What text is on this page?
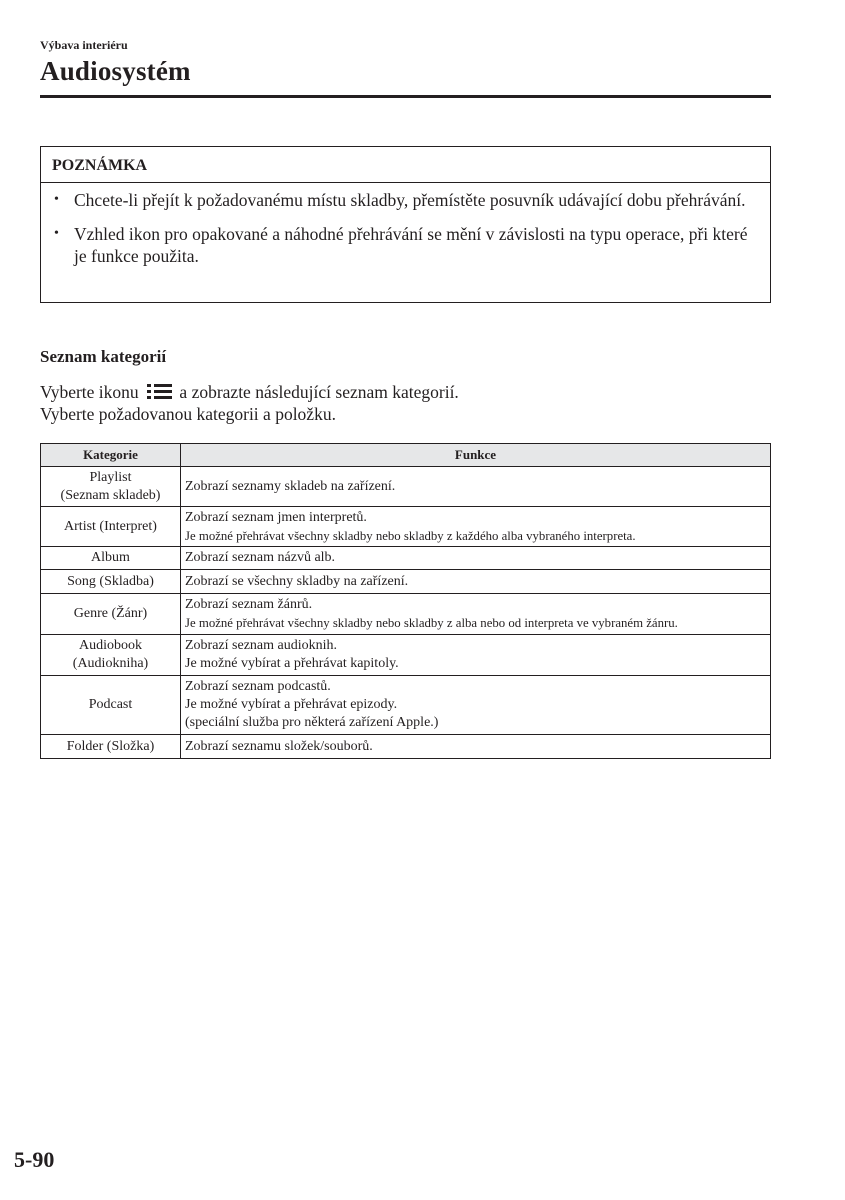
Výbava interiéru
Audiosystém
POZNÁMKA
• Chcete-li přejít k požadovanému místu skladby, přemístěte posuvník udávající dobu přehrávání.
• Vzhled ikon pro opakované a náhodné přehrávání se mění v závislosti na typu operace, při které je funkce použita.
Seznam kategorií
Vyberte ikonu a zobrazte následující seznam kategorií.
Vyberte požadovanou kategorii a položku.
Kategorie	Funkce

Playlist
(Seznam skladeb)	Zobrazí seznamy skladeb na zařízení.

Artist (Interpret)	Zobrazí seznam jmen interpretů.
Je možné přehrávat všechny skladby nebo skladby z každého alba vybraného interpreta.

Album	Zobrazí seznam názvů alb.

Song (Skladba)	Zobrazí se všechny skladby na zařízení.

Genre (Žánr)	Zobrazí seznam žánrů.
Je možné přehrávat všechny skladby nebo skladby z alba nebo od interpreta ve vybraném žánru.

Audiobook
(Audiokniha)	Zobrazí seznam audioknih.
Je možné vybírat a přehrávat kapitoly.

Podcast	Zobrazí seznam podcastů.
Je možné vybírat a přehrávat epizody.
(speciální služba pro některá zařízení Apple.)

Folder (Složka)	Zobrazí seznamu složek/souborů.
5-90
